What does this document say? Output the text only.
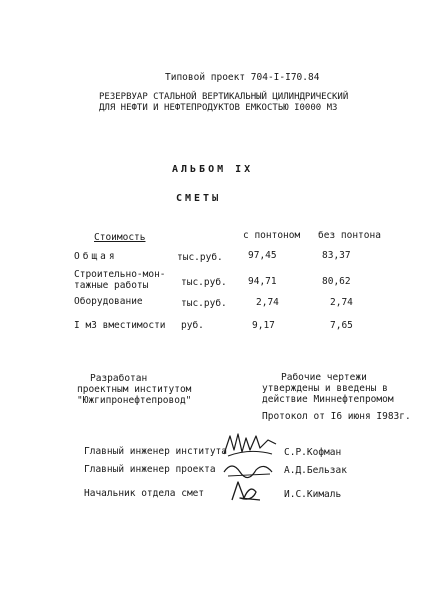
Типовой проект 704-I-I70.84
РЕЗЕРВУАР СТАЛЬНОЙ ВЕРТИКАЛЬНЫЙ ЦИЛИНДРИЧЕСКИЙ
ДЛЯ НЕФТИ И НЕФТЕПРОДУКТОВ ЕМКОСТЬЮ I0000 М3
АЛЬБОМ IX
СМЕТЫ
Стоимость	с понтоном без понтона
Общая	тыс.руб.	97,45	83,37
Строительно-мон-
тажные работы	тыс.руб. 94,71	80,62
Оборудование	тыс.руб.	2,74	2,74
I м3 вместимости руб.	9,17	7,65
Разработан
проектным институтом
"Южгипронефтепровод"
Рабочие чертежи
утверждены и введены в
действие Миннефтепромом
Протокол от I6 июня I983г.
Главный инженер института	С.Р.Кофман
Главный инженер проекта	А.Д.Бельзак
Начальник отдела смет	И.С.Кималь
